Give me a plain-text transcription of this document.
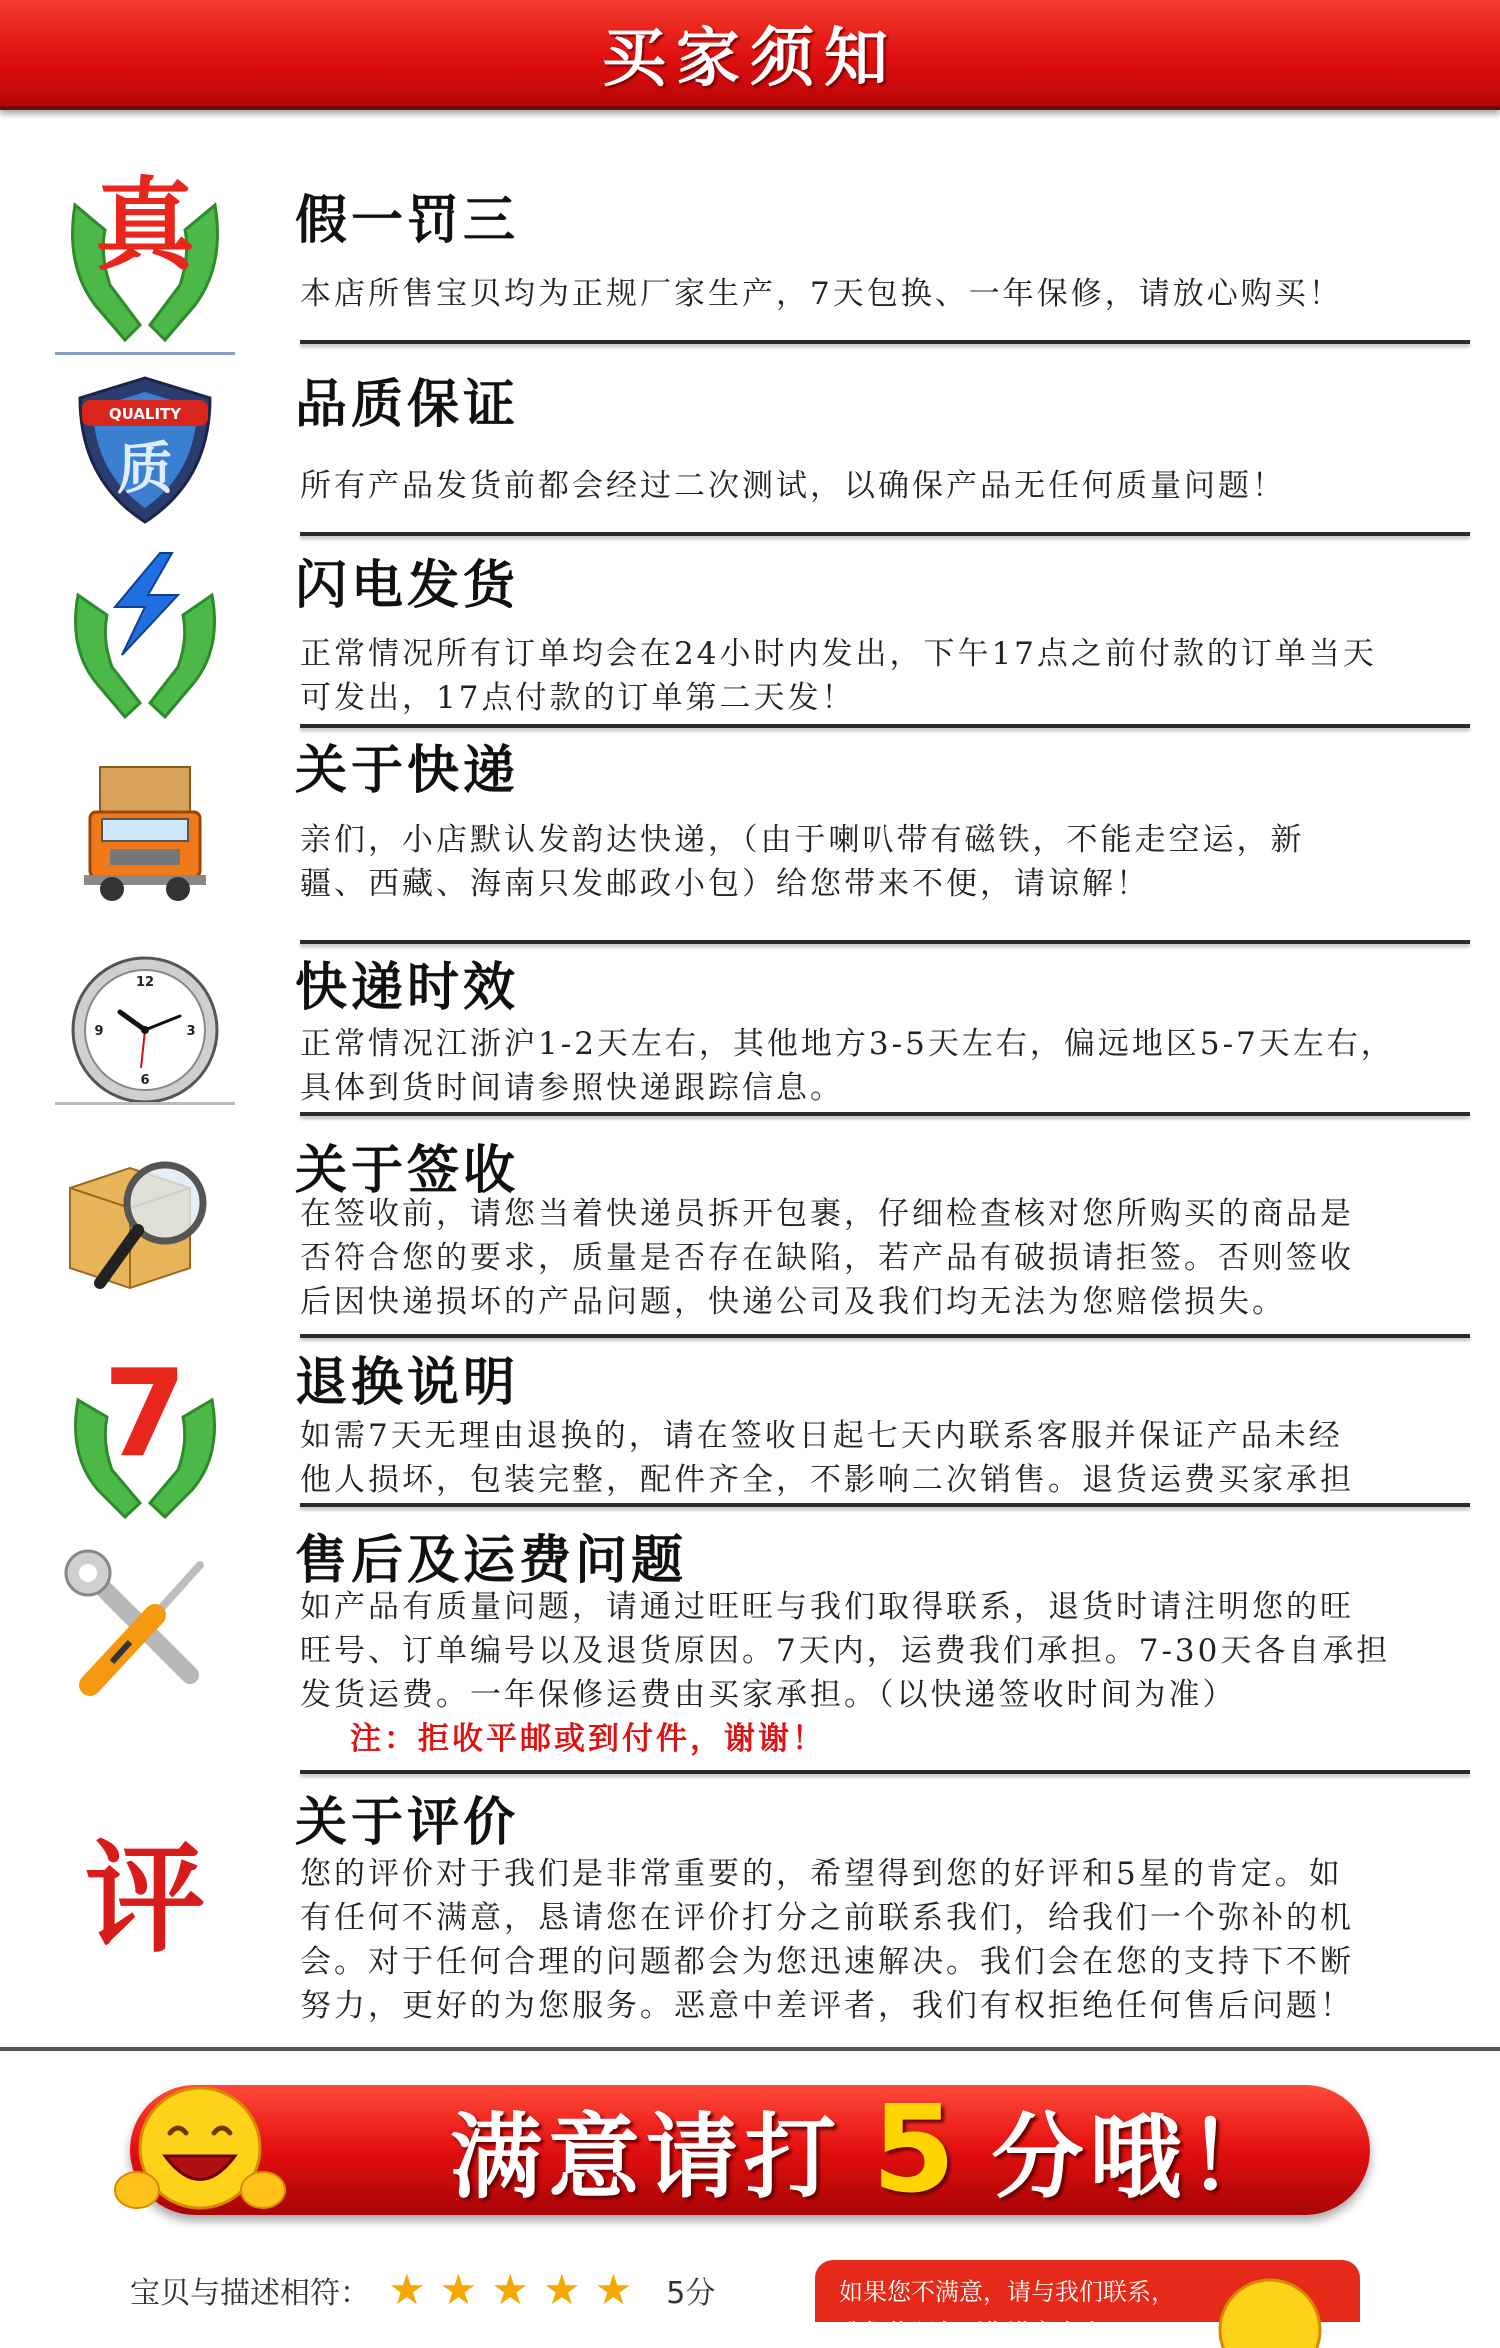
买家须知
真 假一罚三
本店所售宝贝均为正规厂家生产，7天包换、一年保修，请放心购买！
QUALITY
质
品质保证
所有产品发货前都会经过二次测试，以确保产品无任何质量问题！
闪电发货
正常情况所有订单均会在24小时内发出，下午17点之前付款的订单当天
可发出，17点付款的订单第二天发！
关于快递
亲们，小店默认发韵达快递，（由于喇叭带有磁铁，不能走空运，新
疆、西藏、海南只发邮政小包）给您带来不便，请谅解！
12
3
6
9
快递时效
正常情况江浙沪1-2天左右，其他地方3-5天左右，偏远地区5-7天左右，
具体到货时间请参照快递跟踪信息。
关于签收
在签收前，请您当着快递员拆开包裹，仔细检查核对您所购买的商品是
否符合您的要求，质量是否存在缺陷，若产品有破损请拒签。否则签收
后因快递损坏的产品问题，快递公司及我们均无法为您赔偿损失。
7 退换说明
如需7天无理由退换的，请在签收日起七天内联系客服并保证产品未经
他人损坏，包装完整，配件齐全，不影响二次销售。退货运费买家承担
售后及运费问题
如产品有质量问题，请通过旺旺与我们取得联系，退货时请注明您的旺
旺号、订单编号以及退货原因。7天内，运费我们承担。7-30天各自承担
发货运费。一年保修运费由买家承担。（以快递签收时间为准）
注：拒收平邮或到付件，谢谢！
评
关于评价
您的评价对于我们是非常重要的，希望得到您的好评和5星的肯定。如
有任何不满意，恳请您在评价打分之前联系我们，给我们一个弥补的机
会。对于任何合理的问题都会为您迅速解决。我们会在您的支持下不断
努力，更好的为您服务。恶意中差评者，我们有权拒绝任何售后问题！
满意请打 5 分哦！
宝贝与描述相符： ★ ★ ★ ★ ★ 5分	如果您不满意，请与我们联系，
我们将服务到您满意为止！
